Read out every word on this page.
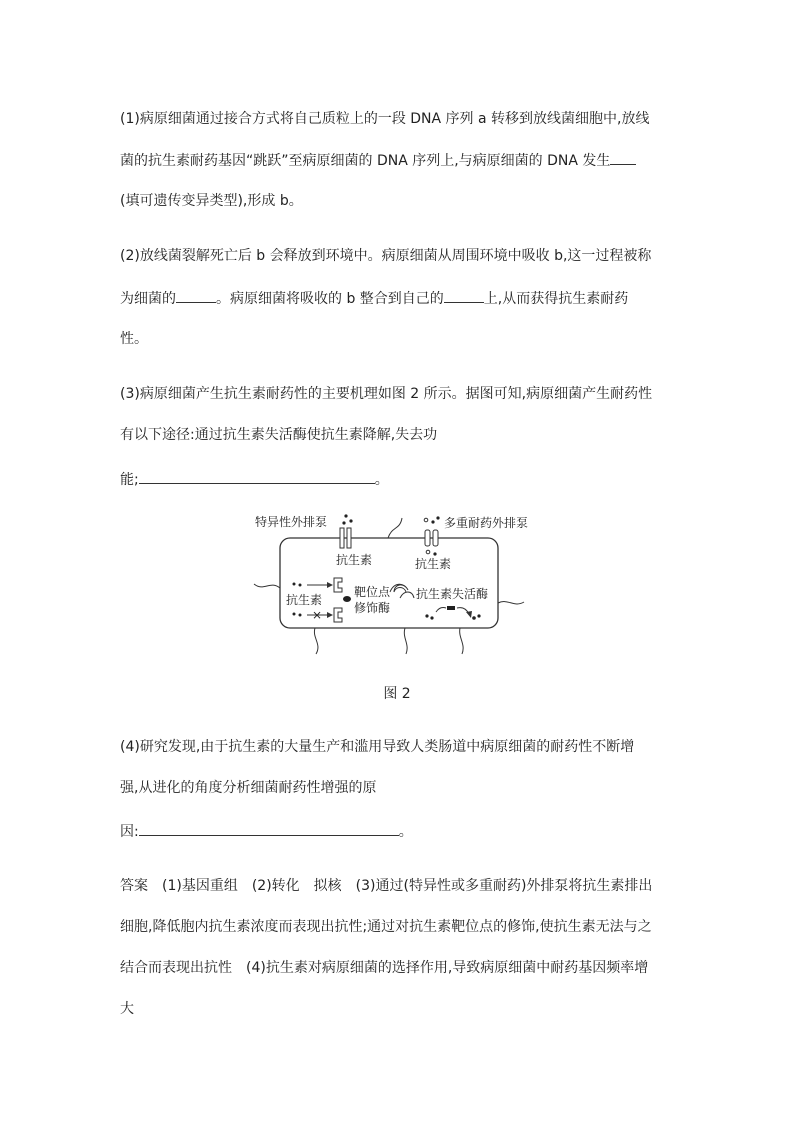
(1)病原细菌通过接合方式将自己质粒上的一段 DNA 序列 a 转移到放线菌细胞中,放线
菌的抗生素耐药基因“跳跃”至病原细菌的 DNA 序列上,与病原细菌的 DNA 发生
(填可遗传变异类型),形成 b。
(2)放线菌裂解死亡后 b 会释放到环境中。病原细菌从周围环境中吸收 b,这一过程被称
为细菌的	。病原细菌将吸收的 b 整合到自己的	上,从而获得抗生素耐药
性。
(3)病原细菌产生抗生素耐药性的主要机理如图 2 所示。据图可知,病原细菌产生耐药性
有以下途径:通过抗生素失活酶使抗生素降解,失去功
能;	。
特异性外排泵
抗生素
多重耐药外排泵
抗生素
×
抗生素
靶位点
修饰酶
抗生素失活酶
图 2
(4)研究发现,由于抗生素的大量生产和滥用导致人类肠道中病原细菌的耐药性不断增
强,从进化的角度分析细菌耐药性增强的原
因:	。
答案　(1)基因重组　(2)转化　拟核　(3)通过(特异性或多重耐药)外排泵将抗生素排出
细胞,降低胞内抗生素浓度而表现出抗性;通过对抗生素靶位点的修饰,使抗生素无法与之
结合而表现出抗性　(4)抗生素对病原细菌的选择作用,导致病原细菌中耐药基因频率增
大
